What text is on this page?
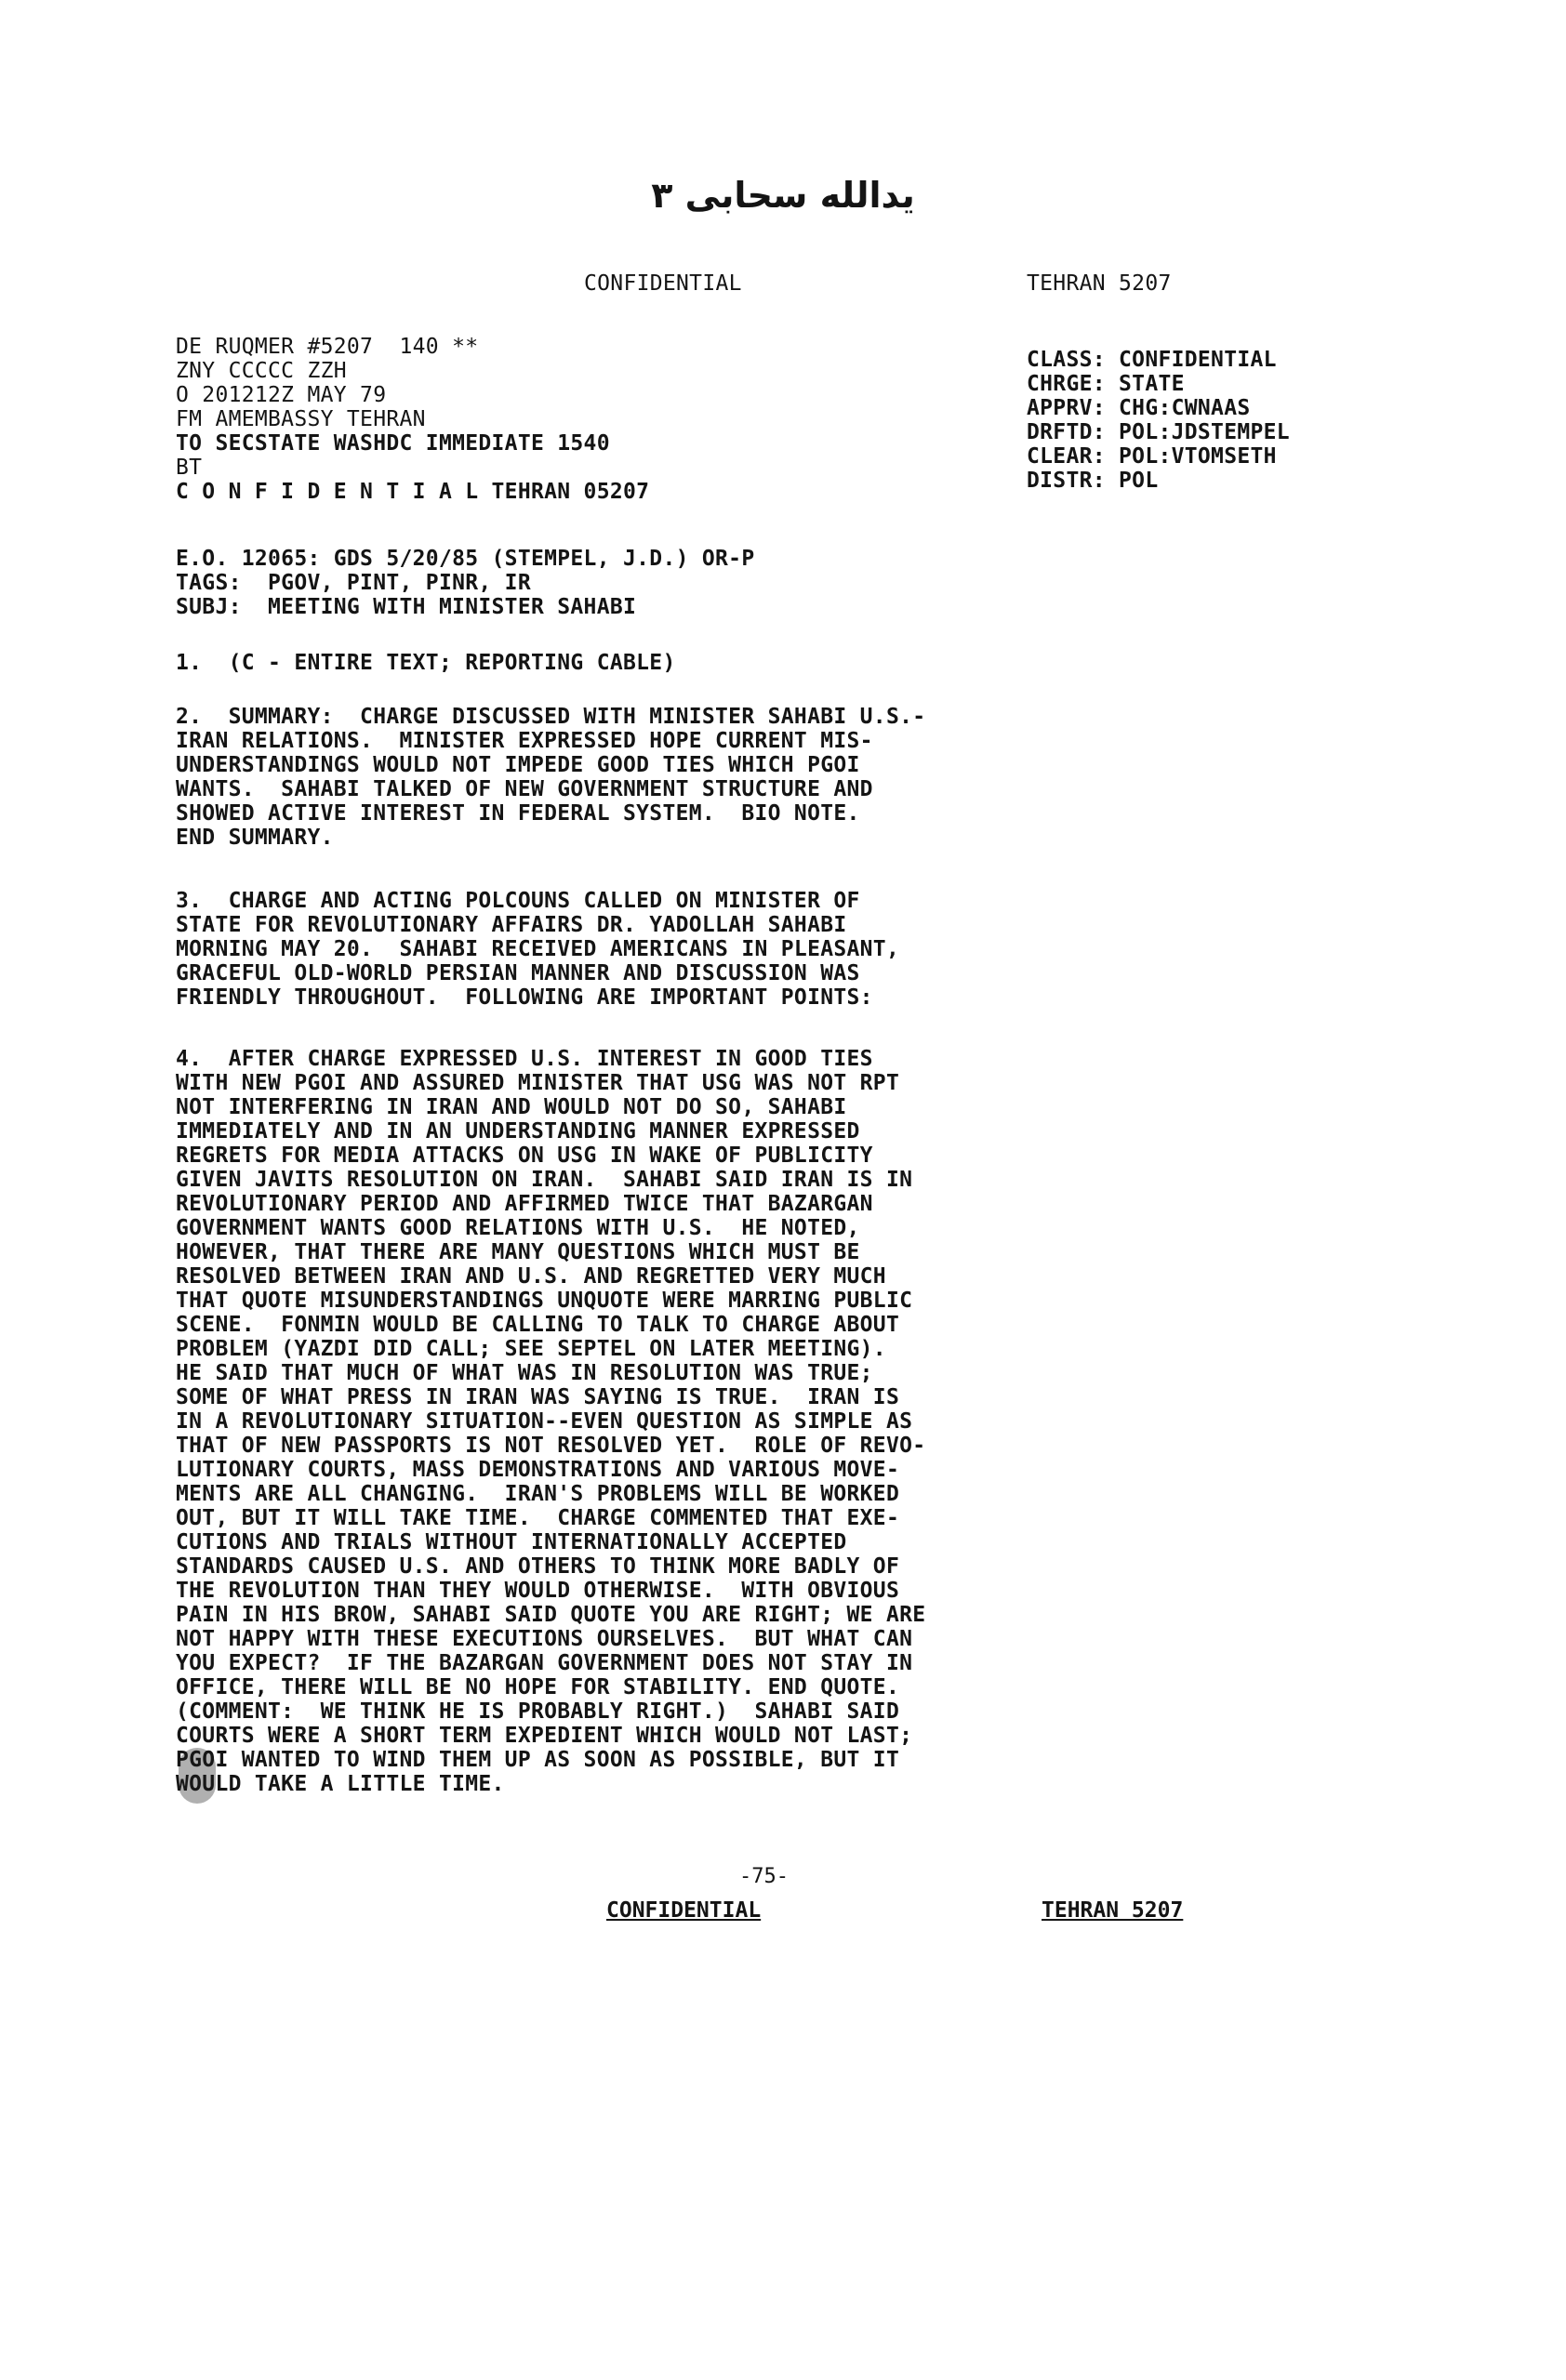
یدالله سحابی ۳
CONFIDENTIAL	TEHRAN 5207
DE RUQMER #5207  140 **
ZNY CCCCC ZZH
O 201212Z MAY 79
FM AMEMBASSY TEHRAN
TO SECSTATE WASHDC IMMEDIATE 1540
BT
C O N F I D E N T I A L TEHRAN 05207
CLASS: CONFIDENTIAL
CHRGE: STATE
APPRV: CHG:CWNAAS
DRFTD: POL:JDSTEMPEL
CLEAR: POL:VTOMSETH
DISTR: POL
E.O. 12065: GDS 5/20/85 (STEMPEL, J.D.) OR-P
TAGS:  PGOV, PINT, PINR, IR
SUBJ:  MEETING WITH MINISTER SAHABI
1.  (C - ENTIRE TEXT; REPORTING CABLE)
2.  SUMMARY:  CHARGE DISCUSSED WITH MINISTER SAHABI U.S.-
IRAN RELATIONS.  MINISTER EXPRESSED HOPE CURRENT MIS-
UNDERSTANDINGS WOULD NOT IMPEDE GOOD TIES WHICH PGOI
WANTS.  SAHABI TALKED OF NEW GOVERNMENT STRUCTURE AND
SHOWED ACTIVE INTEREST IN FEDERAL SYSTEM.  BIO NOTE.
END SUMMARY.
3.  CHARGE AND ACTING POLCOUNS CALLED ON MINISTER OF
STATE FOR REVOLUTIONARY AFFAIRS DR. YADOLLAH SAHABI
MORNING MAY 20.  SAHABI RECEIVED AMERICANS IN PLEASANT,
GRACEFUL OLD-WORLD PERSIAN MANNER AND DISCUSSION WAS
FRIENDLY THROUGHOUT.  FOLLOWING ARE IMPORTANT POINTS:
4.  AFTER CHARGE EXPRESSED U.S. INTEREST IN GOOD TIES
WITH NEW PGOI AND ASSURED MINISTER THAT USG WAS NOT RPT
NOT INTERFERING IN IRAN AND WOULD NOT DO SO, SAHABI
IMMEDIATELY AND IN AN UNDERSTANDING MANNER EXPRESSED
REGRETS FOR MEDIA ATTACKS ON USG IN WAKE OF PUBLICITY
GIVEN JAVITS RESOLUTION ON IRAN.  SAHABI SAID IRAN IS IN
REVOLUTIONARY PERIOD AND AFFIRMED TWICE THAT BAZARGAN
GOVERNMENT WANTS GOOD RELATIONS WITH U.S.  HE NOTED,
HOWEVER, THAT THERE ARE MANY QUESTIONS WHICH MUST BE
RESOLVED BETWEEN IRAN AND U.S. AND REGRETTED VERY MUCH
THAT QUOTE MISUNDERSTANDINGS UNQUOTE WERE MARRING PUBLIC
SCENE.  FONMIN WOULD BE CALLING TO TALK TO CHARGE ABOUT
PROBLEM (YAZDI DID CALL; SEE SEPTEL ON LATER MEETING).
HE SAID THAT MUCH OF WHAT WAS IN RESOLUTION WAS TRUE;
SOME OF WHAT PRESS IN IRAN WAS SAYING IS TRUE.  IRAN IS
IN A REVOLUTIONARY SITUATION--EVEN QUESTION AS SIMPLE AS
THAT OF NEW PASSPORTS IS NOT RESOLVED YET.  ROLE OF REVO-
LUTIONARY COURTS, MASS DEMONSTRATIONS AND VARIOUS MOVE-
MENTS ARE ALL CHANGING.  IRAN'S PROBLEMS WILL BE WORKED
OUT, BUT IT WILL TAKE TIME.  CHARGE COMMENTED THAT EXE-
CUTIONS AND TRIALS WITHOUT INTERNATIONALLY ACCEPTED
STANDARDS CAUSED U.S. AND OTHERS TO THINK MORE BADLY OF
THE REVOLUTION THAN THEY WOULD OTHERWISE.  WITH OBVIOUS
PAIN IN HIS BROW, SAHABI SAID QUOTE YOU ARE RIGHT; WE ARE
NOT HAPPY WITH THESE EXECUTIONS OURSELVES.  BUT WHAT CAN
YOU EXPECT?  IF THE BAZARGAN GOVERNMENT DOES NOT STAY IN
OFFICE, THERE WILL BE NO HOPE FOR STABILITY. END QUOTE.
(COMMENT:  WE THINK HE IS PROBABLY RIGHT.)  SAHABI SAID
COURTS WERE A SHORT TERM EXPEDIENT WHICH WOULD NOT LAST;
PGOI WANTED TO WIND THEM UP AS SOON AS POSSIBLE, BUT IT
WOULD TAKE A LITTLE TIME.
-75-
CONFIDENTIAL	TEHRAN 5207
